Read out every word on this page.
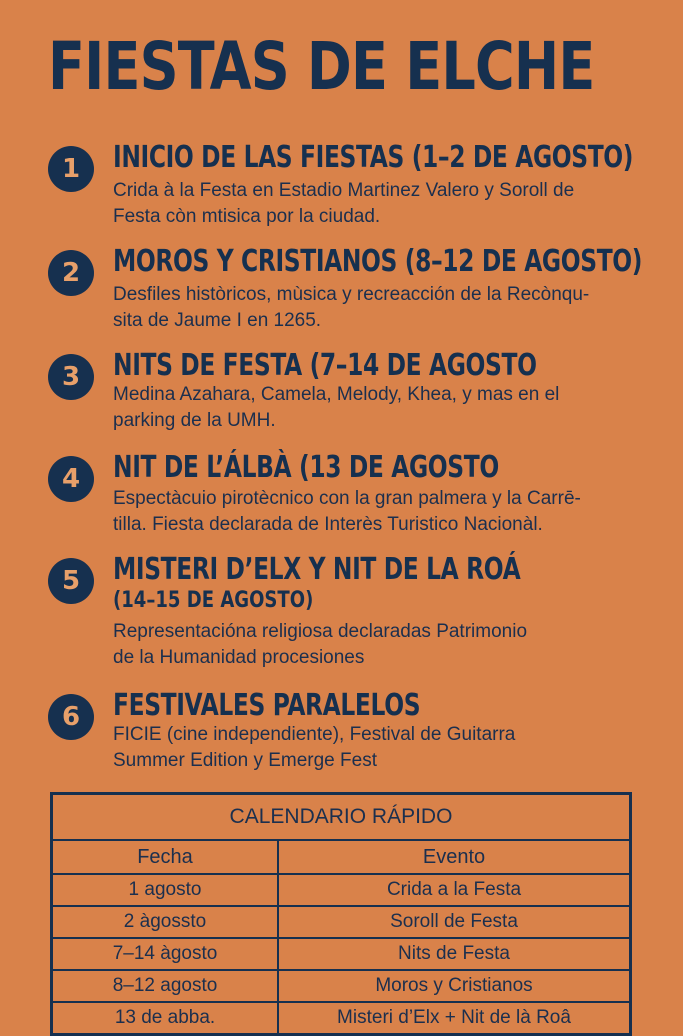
FIESTAS DE ELCHE
1	INICIO DE LAS FIESTAS (1–2 DE AGOSTO)
Crida à la Festa en Estadio Martinez Valero y Soroll de
Festa còn mtisica por la ciudad.
2	MOROS Y CRISTIANOS (8–12 DE AGOSTO)
Desfiles històricos, mùsica y recreacción de la Recònqu-
sita de Jaume I en 1265.
3	NITS DE FESTA (7–14 DE AGOSTO
Medina Azahara, Camela, Melody, Khea, y mas en el
parking de la UMH.
4	NIT DE L’ÁLBÀ (13 DE AGOSTO
Espectàcuio pirotècnico con la gran palmera y la Carrē-
tilla. Fiesta declarada de Interès Turistico Nacionàl.
5	MISTERI D’ELX Y NIT DE LA ROÁ
(14–15 DE AGOSTO)
Representacióna religiosa declaradas Patrimonio
de la Humanidad procesiones
6	FESTIVALES PARALELOS
FICIE (cine independiente), Festival de Guitarra
Summer Edition y Emerge Fest
CALENDARIO RÁPIDO	
Fecha	Evento
1 agosto	Crida a la Festa
2 àgossto	Soroll de Festa
7–14 àgosto	Nits de Festa
8–12 agosto	Moros y Cristianos
13 de abba.	Misteri d’Elx + Nit de là Roâ
